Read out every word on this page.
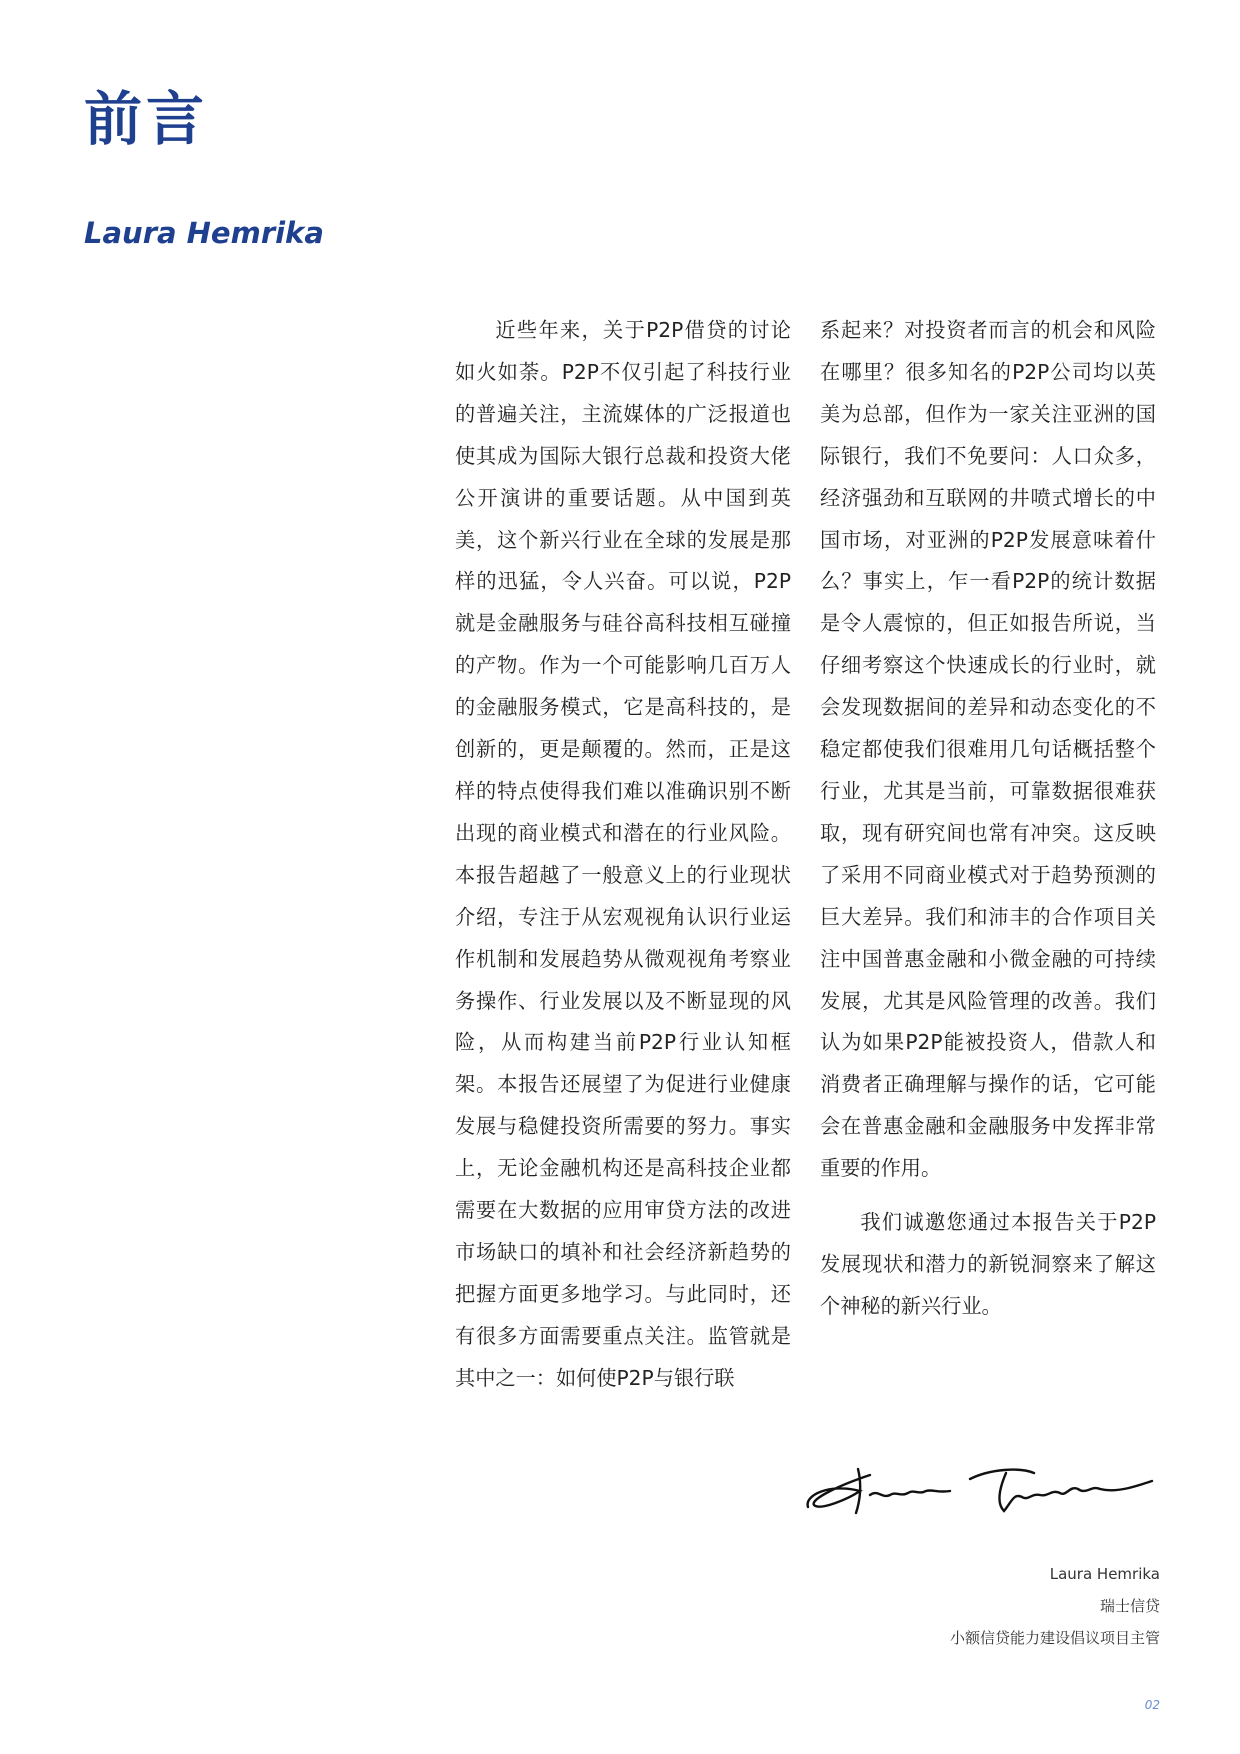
前言
Laura Hemrika

近些年来，关于P2P借贷的讨论如火如荼。P2P不仅引起了科技行业的普遍关注，主流媒体的广泛报道也使其成为国际大银行总裁和投资大佬公开演讲的重要话题。从中国到英美，这个新兴行业在全球的发展是那样的迅猛，令人兴奋。可以说，P2P就是金融服务与硅谷高科技相互碰撞的产物。作为一个可能影响几百万人的金融服务模式，它是高科技的，是创新的，更是颠覆的。然而，正是这样的特点使得我们难以准确识别不断出现的商业模式和潜在的行业风险。本报告超越了一般意义上的行业现状介绍，专注于从宏观视角认识行业运作机制和发展趋势从微观视角考察业务操作、行业发展以及不断显现的风险，从而构建当前P2P行业认知框架。本报告还展望了为促进行业健康发展与稳健投资所需要的努力。事实上，无论金融机构还是高科技企业都需要在大数据的应用审贷方法的改进市场缺口的填补和社会经济新趋势的把握方面更多地学习。与此同时，还有很多方面需要重点关注。监管就是其中之一：如何使P2P与银行联

系起来？对投资者而言的机会和风险在哪里？很多知名的P2P公司均以英美为总部，但作为一家关注亚洲的国际银行，我们不免要问：人口众多，经济强劲和互联网的井喷式增长的中国市场，对亚洲的P2P发展意味着什么？事实上，乍一看P2P的统计数据是令人震惊的，但正如报告所说，当仔细考察这个快速成长的行业时，就会发现数据间的差异和动态变化的不稳定都使我们很难用几句话概括整个行业，尤其是当前，可靠数据很难获取，现有研究间也常有冲突。这反映了采用不同商业模式对于趋势预测的巨大差异。我们和沛丰的合作项目关注中国普惠金融和小微金融的可持续发展，尤其是风险管理的改善。我们认为如果P2P能被投资人，借款人和消费者正确理解与操作的话，它可能会在普惠金融和金融服务中发挥非常重要的作用。

我们诚邀您通过本报告关于P2P发展现状和潜力的新锐洞察来了解这个神秘的新兴行业。

Laura Hemrika
瑞士信贷
小额信贷能力建设倡议项目主管
02
